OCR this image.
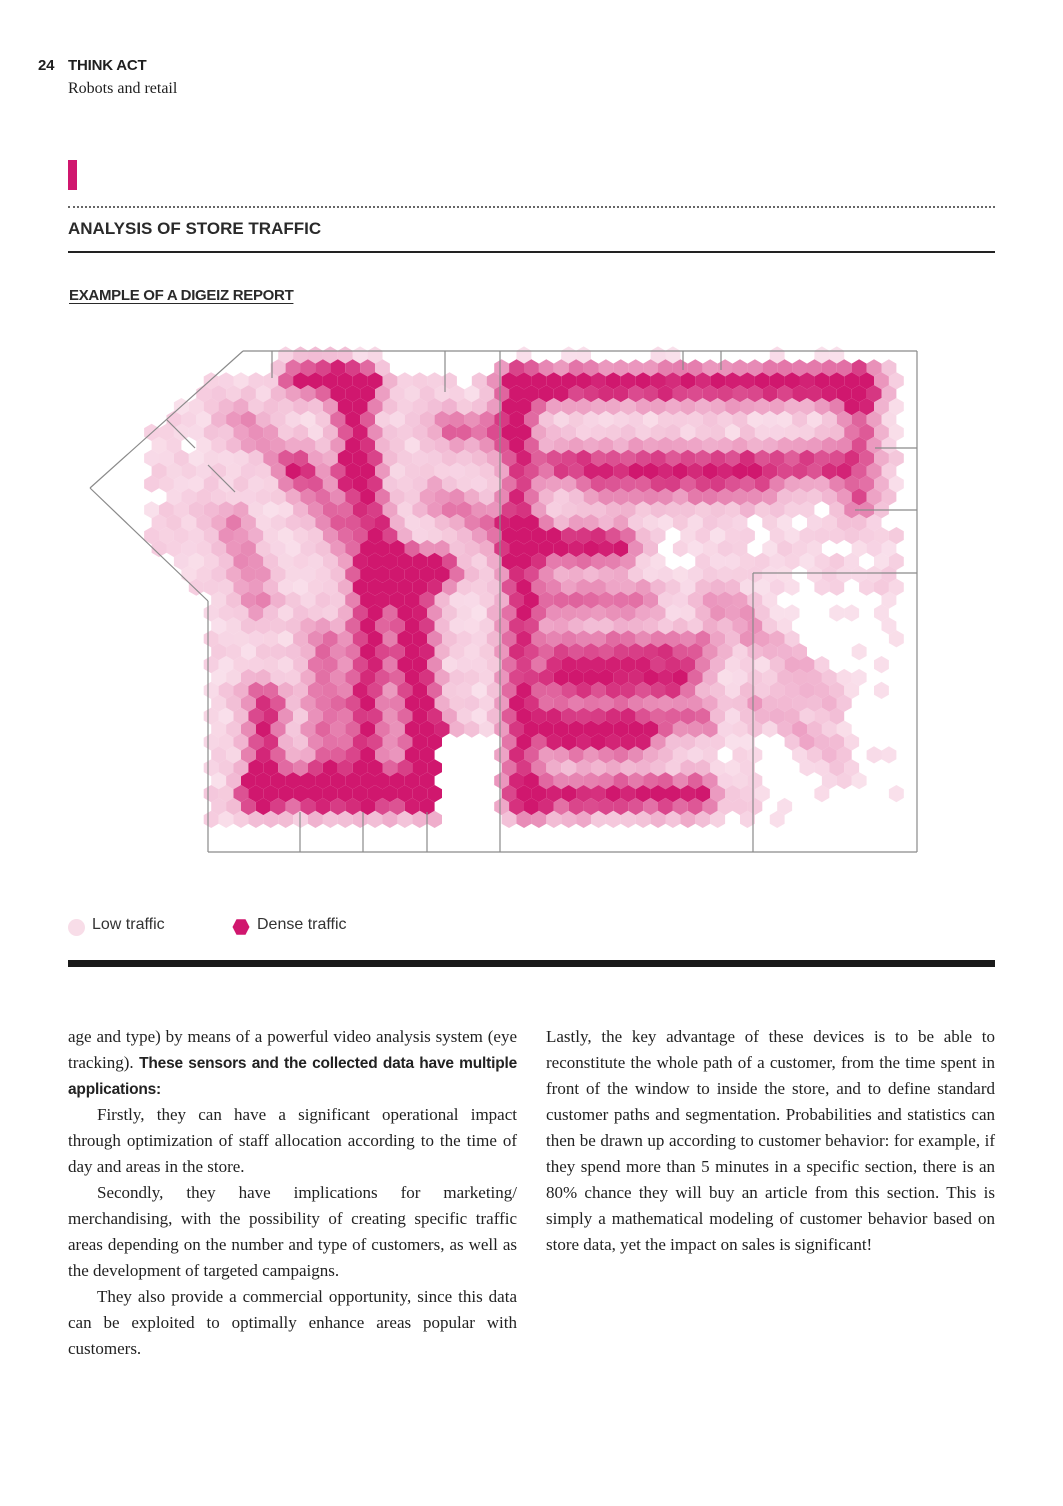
24 THINK ACT
Robots and retail
ANALYSIS OF STORE TRAFFIC
EXAMPLE OF A DIGEIZ REPORT
Low traffic	Dense traffic

age and type) by means of a powerful video analysis system (eye tracking). These sensors and the collected data have multiple applications:

Firstly, they can have a significant operational impact through optimization of staff allocation according to the time of day and areas in the store.

Secondly, they have implications for marketing/ merchandising, with the possibility of creating specific traffic areas depending on the number and type of customers, as well as the development of targeted campaigns.

They also provide a commercial opportunity, since this data can be exploited to optimally enhance areas popular with customers.

Lastly, the key advantage of these devices is to be able to reconstitute the whole path of a customer, from the time spent in front of the window to inside the store, and to define standard customer paths and segmentation. Probabilities and statistics can then be drawn up according to customer behavior: for example, if they spend more than 5 minutes in a specific section, there is an 80% chance they will buy an article from this section. This is simply a mathematical modeling of customer behavior based on store data, yet the impact on sales is significant!
